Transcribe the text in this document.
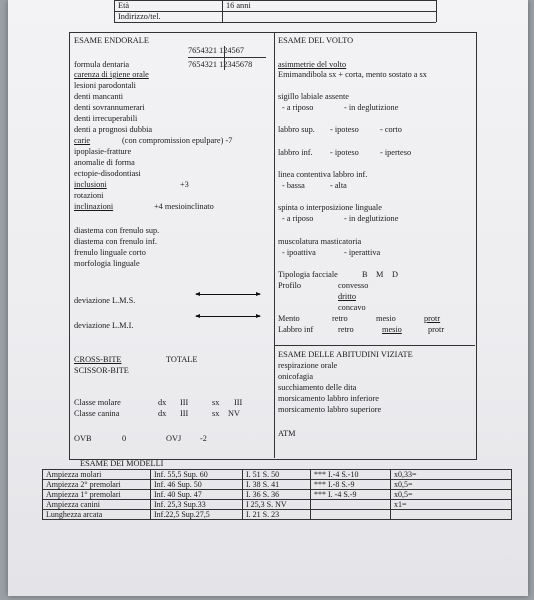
Età	16 anni
Indirizzo/tel.
ESAME ENDORALE
7654321 124567
formula dentaria	7654321 12345678
carenza di igiene orale
lesioni parodontali
denti mancanti
denti sovrannumerari
denti irrecuperabili
denti a prognosi dubbia
carie	(con compromission epulpare) -7
ipoplasie-fratture
anomalie di forma
ectopie-disodontiasi
inclusioni	+3
rotazioni
inclinazioni	+4 mesioinclinato
diastema con frenulo sup.
diastema con frenulo inf.
frenulo linguale corto
morfologia linguale
deviazione L.M.S.
deviazione L.M.I.
CROSS-BITE	TOTALE
SCISSOR-BITE
Classe molare	dx III	sx III
Classe canina	dx III	sx NV
OVB	0	OVJ -2
ESAME DEL VOLTO
asimmetrie del volto
Emimandibola sx + corta, mento sostato a sx
sigillo labiale assente
- a riposo	- in deglutizione
labbro sup. - ipoteso	- corto
labbro inf. - ipoteso	- iperteso
linea contentiva labbro inf.
- bassa	- alta
spinta o interposizione linguale
- a riposo	- in deglutizione
muscolatura masticatoria
- ipoattiva	- iperattiva
Tipologia facciale	B M D
Profilo	convesso
dritto
concavo
Mento	retro	mesio	protr
Labbro inf	retro	mesio	protr
ESAME DELLE ABITUDINI VIZIATE
respirazione orale
onicofagia
succhiamento delle dita
morsicamento labbro inferiore
morsicamento labbro superiore
ATM
ESAME DEI MODELLI
Ampiezza molari	Inf. 55,5 Sup. 60	I. 51 S. 50	*** I.-4 S.-10	x0,33=
Ampiezza 2° premolari	Inf. 46 Sup. 50	I. 38 S. 41	*** I.-8 S.-9	x0,5=
Ampiezza 1° premolari	Inf. 40 Sup. 47	I. 36 S. 36	*** I. -4 S.-9	x0,5=
Ampiezza canini	Inf. 25,3 Sup.33	I 25,3 S. NV		x1=
Lunghezza arcata	Inf.22,5 Sup.27,5	I. 21 S. 23		
